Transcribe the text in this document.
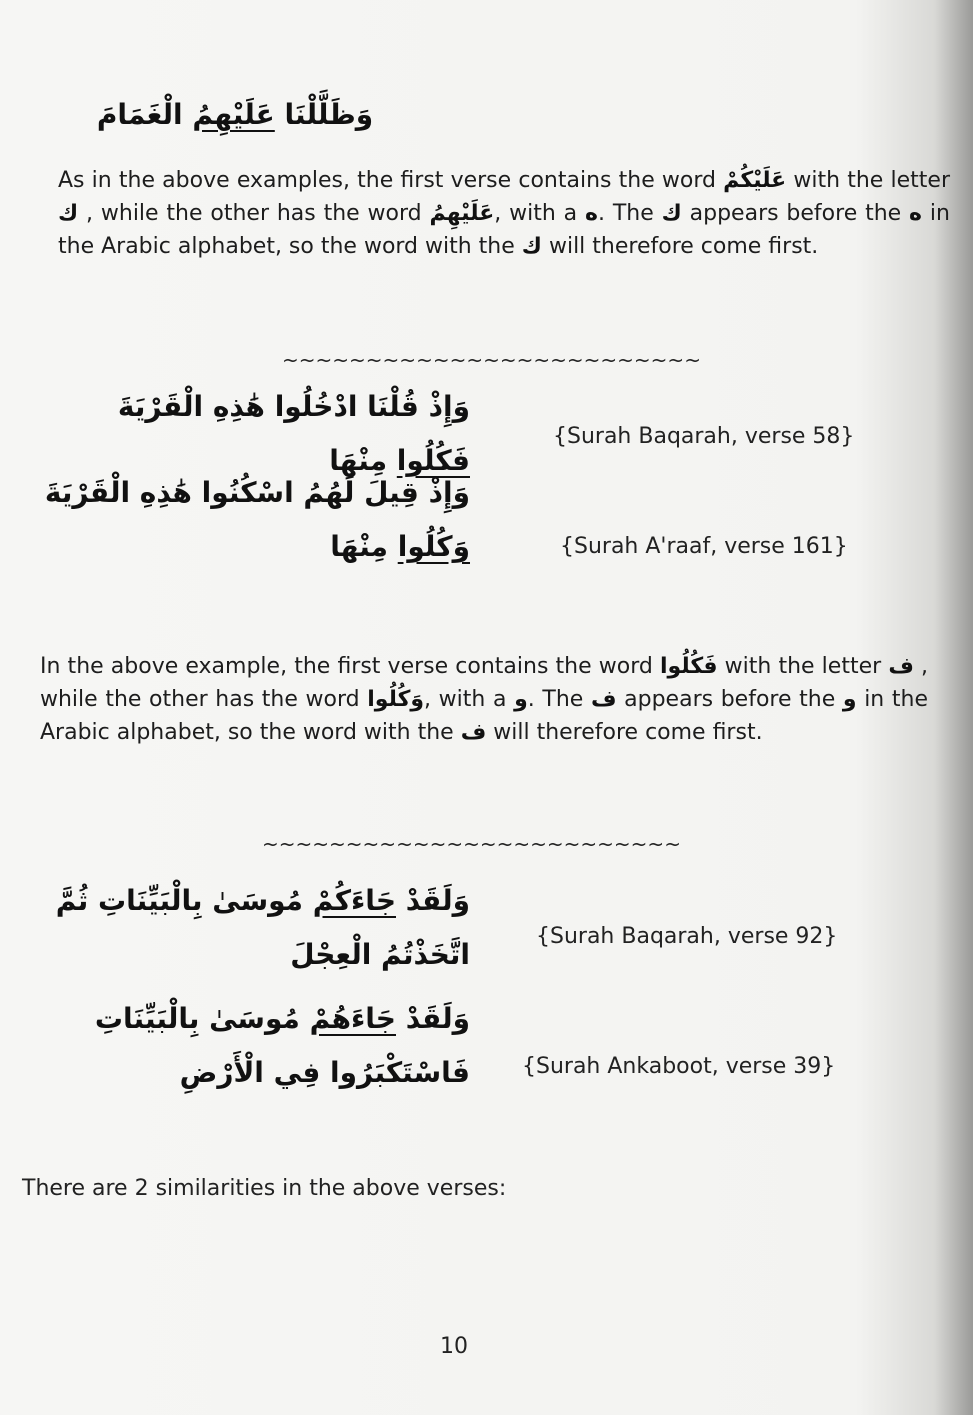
وَظَلَّلْنَا عَلَيْهِمُ الْغَمَامَ
As in the above examples, the first verse contains the word عَلَيْكُمْ with the letter ك , while the other has the word عَلَيْهِمُ, with a ه. The ك appears before the ه in the Arabic alphabet, so the word with the ك will therefore come first.
~~~~~~~~~~~~~~~~~~~~~~~~~
وَإِذْ قُلْنَا ادْخُلُوا هَٰذِهِ الْقَرْيَةَ فَكُلُوا مِنْهَا
{Surah Baqarah, verse 58}
وَإِذْ قِيلَ لَهُمُ اسْكُنُوا هَٰذِهِ الْقَرْيَةَ وَكُلُوا مِنْهَا	{Surah A'raaf, verse 161}
In the above example, the first verse contains the word فَكُلُوا with the letter ف , while the other has the word وَكُلُوا, with a و. The ف appears before the و in the Arabic alphabet, so the word with the ف will therefore come first.
~~~~~~~~~~~~~~~~~~~~~~~~~
وَلَقَدْ جَاءَكُمْ مُوسَىٰ بِالْبَيِّنَاتِ ثُمَّ اتَّخَذْتُمُ الْعِجْلَ
{Surah Baqarah, verse 92}
وَلَقَدْ جَاءَهُمْ مُوسَىٰ بِالْبَيِّنَاتِ فَاسْتَكْبَرُوا فِي الْأَرْضِ {Surah Ankaboot, verse 39}
There are 2 similarities in the above verses:
10
